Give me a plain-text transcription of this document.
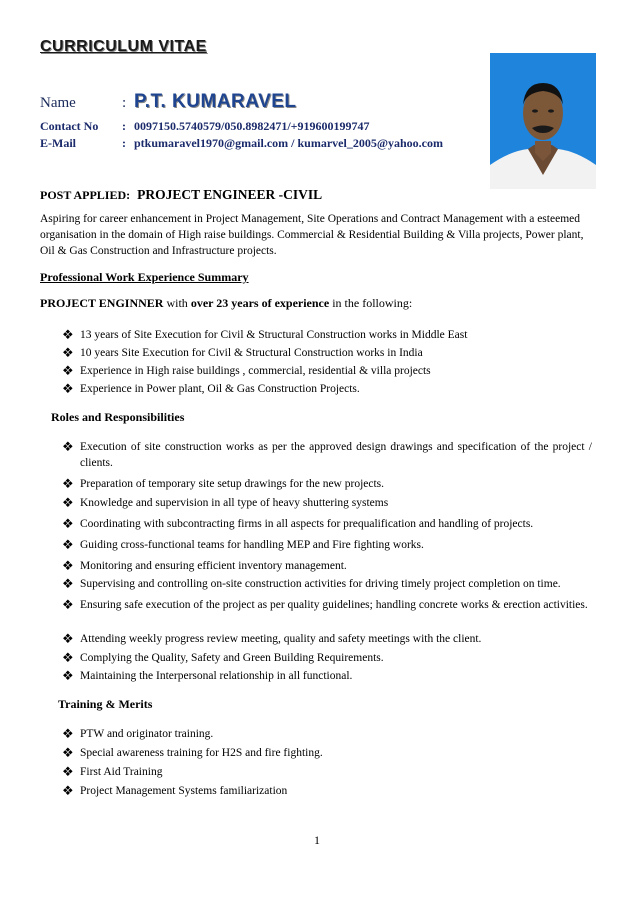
CURRICULUM VITAE
Name	: P.T. KUMARAVEL
Contact No : 0097150.5740579/050.8982471/+919600199747
E-Mail	: ptkumaravel1970@gmail.com / kumarvel_2005@yahoo.com
POST APPLIED: PROJECT ENGINEER -CIVIL
Aspiring for career enhancement in Project Management, Site Operations and Contract Management with a esteemed organisation in the domain of High raise buildings. Commercial & Residential Building & Villa projects, Power plant, Oil & Gas Construction and Infrastructure projects.
Professional Work Experience Summary
PROJECT ENGINNER with over 23 years of experience in the following:
❖ 13 years of Site Execution for Civil & Structural Construction works in Middle East
❖ 10 years Site Execution for Civil & Structural Construction works in India
❖ Experience in High raise buildings , commercial, residential & villa projects
❖ Experience in Power plant, Oil & Gas Construction Projects.
Roles and Responsibilities
❖ Execution of site construction works as per the approved design drawings and specification of the project / clients.
❖ Preparation of temporary site setup drawings for the new projects.
❖ Knowledge and supervision in all type of heavy shuttering systems
❖ Coordinating with subcontracting firms in all aspects for prequalification and handling of projects.
❖ Guiding cross-functional teams for handling MEP and Fire fighting works.
❖ Monitoring and ensuring efficient inventory management.
❖ Supervising and controlling on-site construction activities for driving timely project completion on time.
❖ Ensuring safe execution of the project as per quality guidelines; handling concrete works & erection activities.
❖ Attending weekly progress review meeting, quality and safety meetings with the client.
❖ Complying the Quality, Safety and Green Building Requirements.
❖ Maintaining the Interpersonal relationship in all functional.
Training & Merits
❖ PTW and originator training.
❖ Special awareness training for H2S and fire fighting.
❖ First Aid Training
❖ Project Management Systems familiarization
1
